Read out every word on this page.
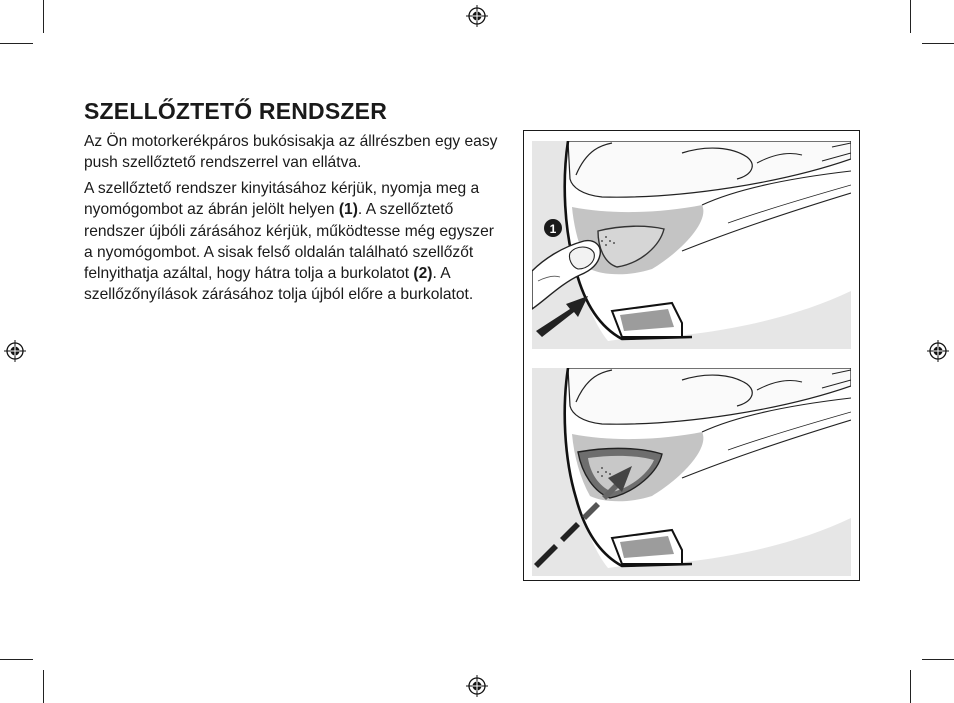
SZELLŐZTETŐ RENDSZER

Az Ön motorkerékpáros bukósisakja az állrészben egy easy push szellőztető rendszerrel van ellátva.

A szellőztető rendszer kinyitásához kérjük, nyomja meg a nyomógombot az ábrán jelölt helyen (1). A szellőztető rendszer újbóli zárásához kérjük, működtesse még egyszer a nyomógombot. A sisak felső oldalán található szellőzőt felnyithatja azáltal, hogy hátra tolja a burkolatot (2). A szellőzőnyílások zárásához tolja újból előre a burkolatot.

1
